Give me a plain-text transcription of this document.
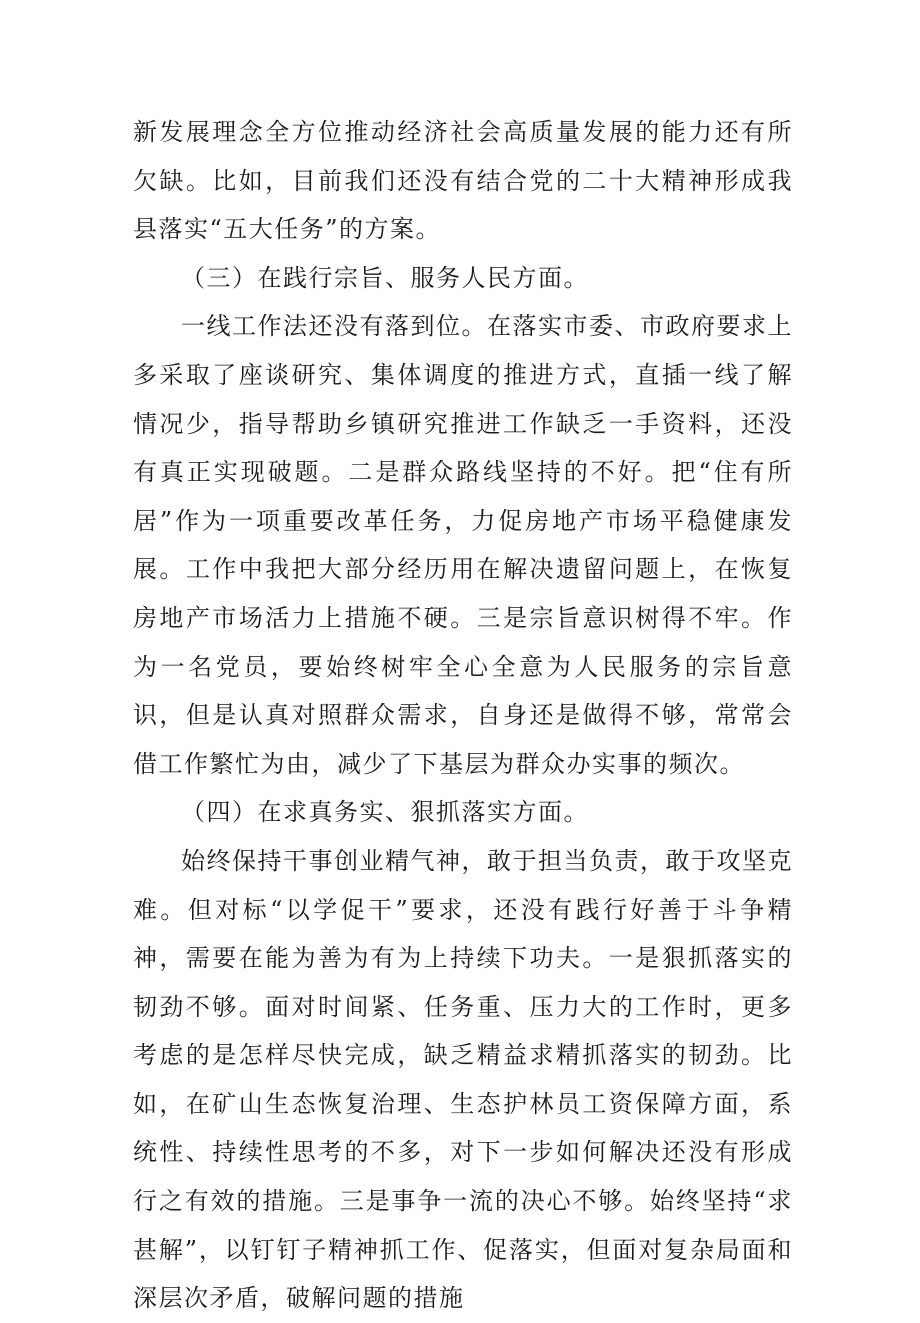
新发展理念全方位推动经济社会高质量发展的能力还有所欠缺。比如，目前我们还没有结合党的二十大精神形成我县落实“五大任务”的方案。

（三）在践行宗旨、服务人民方面。

一线工作法还没有落到位。在落实市委、市政府要求上多采取了座谈研究、集体调度的推进方式，直插一线了解情况少，指导帮助乡镇研究推进工作缺乏一手资料，还没有真正实现破题。二是群众路线坚持的不好。把“住有所居”作为一项重要改革任务，力促房地产市场平稳健康发展。工作中我把大部分经历用在解决遗留问题上，在恢复房地产市场活力上措施不硬。三是宗旨意识树得不牢。作为一名党员，要始终树牢全心全意为人民服务的宗旨意识，但是认真对照群众需求，自身还是做得不够，常常会借工作繁忙为由，减少了下基层为群众办实事的频次。

（四）在求真务实、狠抓落实方面。

始终保持干事创业精气神，敢于担当负责，敢于攻坚克难。但对标“以学促干”要求，还没有践行好善于斗争精神，需要在能为善为有为上持续下功夫。一是狠抓落实的韧劲不够。面对时间紧、任务重、压力大的工作时，更多考虑的是怎样尽快完成，缺乏精益求精抓落实的韧劲。比如，在矿山生态恢复治理、生态护林员工资保障方面，系统性、持续性思考的不多，对下一步如何解决还没有形成行之有效的措施。三是事争一流的决心不够。始终坚持“求甚解”，以钉钉子精神抓工作、促落实，但面对复杂局面和深层次矛盾，破解问题的措施
